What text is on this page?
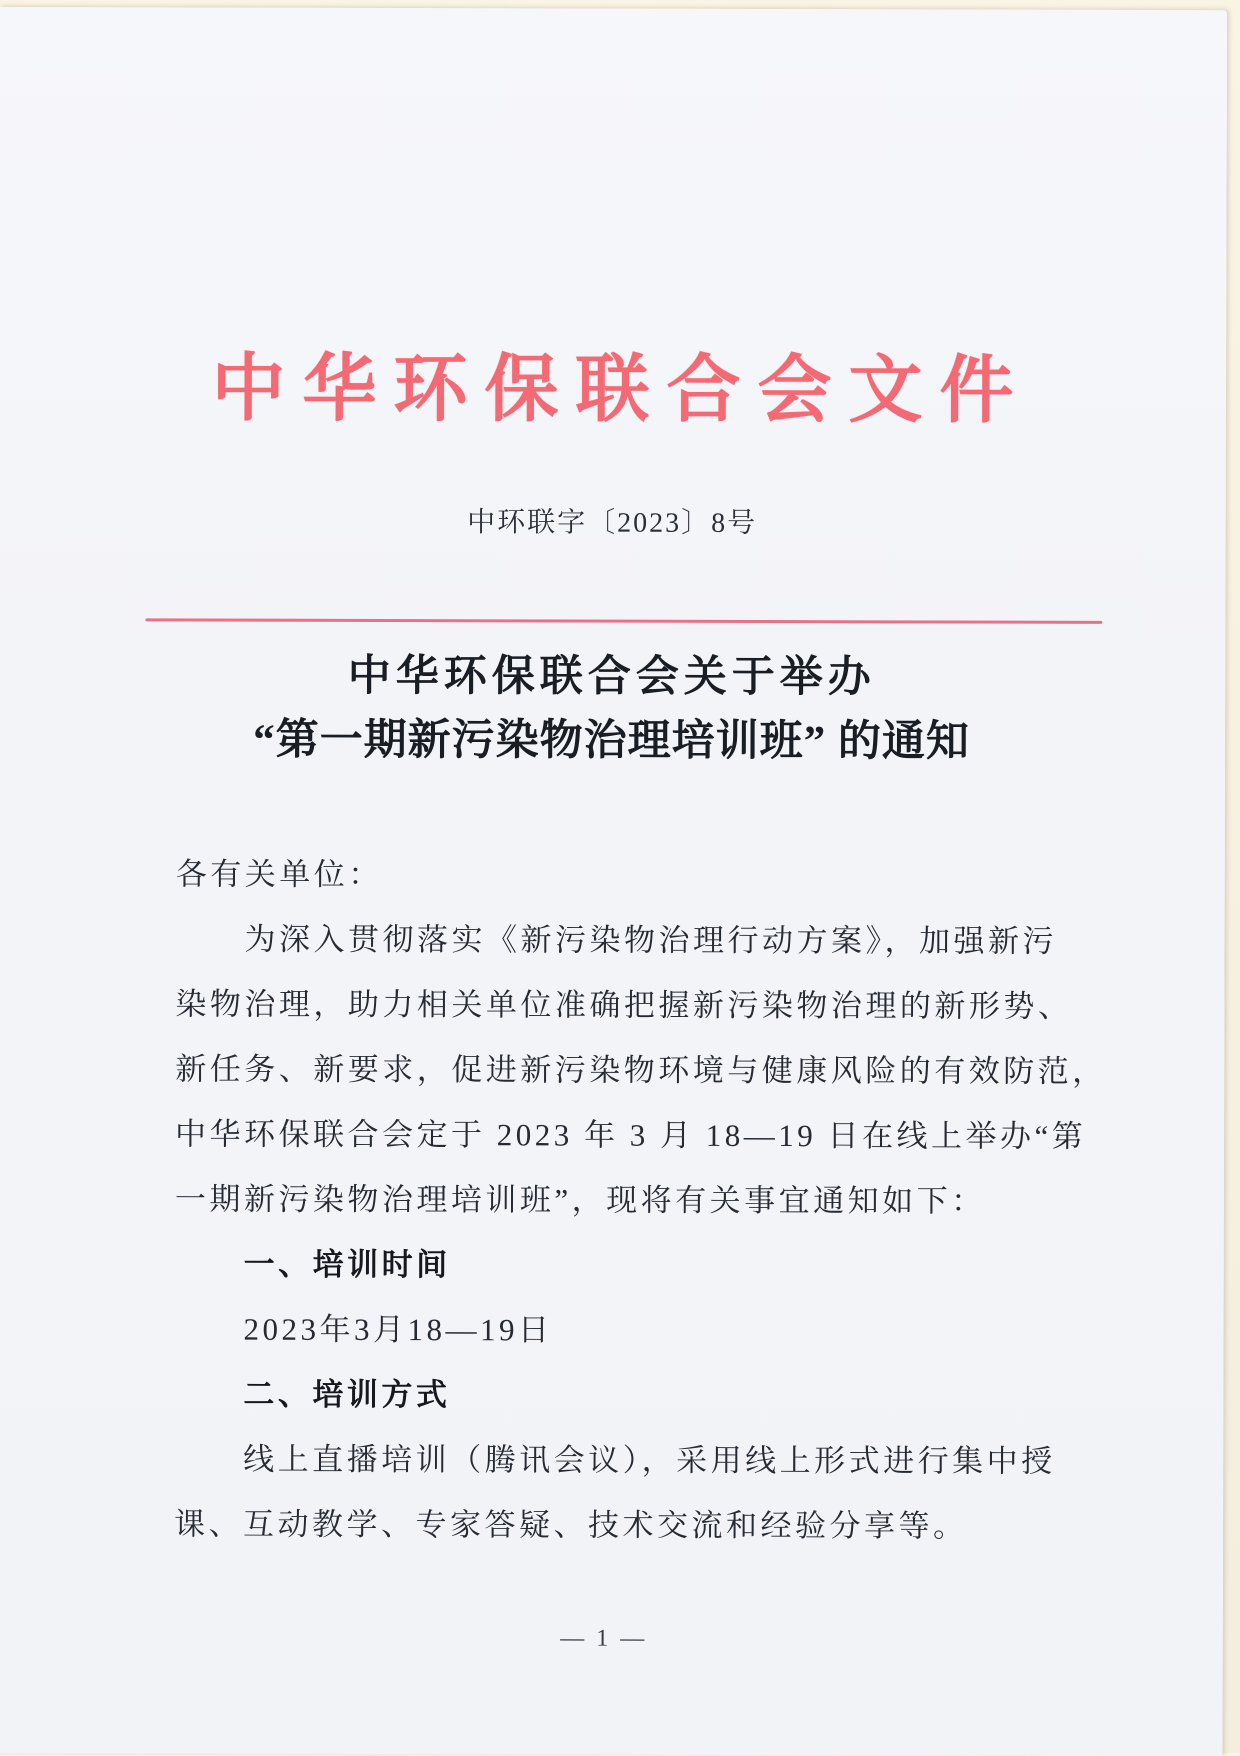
中华环保联合会文件
中环联字〔2023〕8号
中华环保联合会关于举办
“第一期新污染物治理培训班” 的通知
各有关单位：
为深入贯彻落实《新污染物治理行动方案》，加强新污
染物治理，助力相关单位准确把握新污染物治理的新形势、
新任务、新要求，促进新污染物环境与健康风险的有效防范，
中华环保联合会定于 2023 年 3 月 18—19 日在线上举办“第
一期新污染物治理培训班”，现将有关事宜通知如下：
一、培训时间
2023年3月18—19日
二、培训方式
线上直播培训（腾讯会议），采用线上形式进行集中授
课、互动教学、专家答疑、技术交流和经验分享等。
— 1 —
